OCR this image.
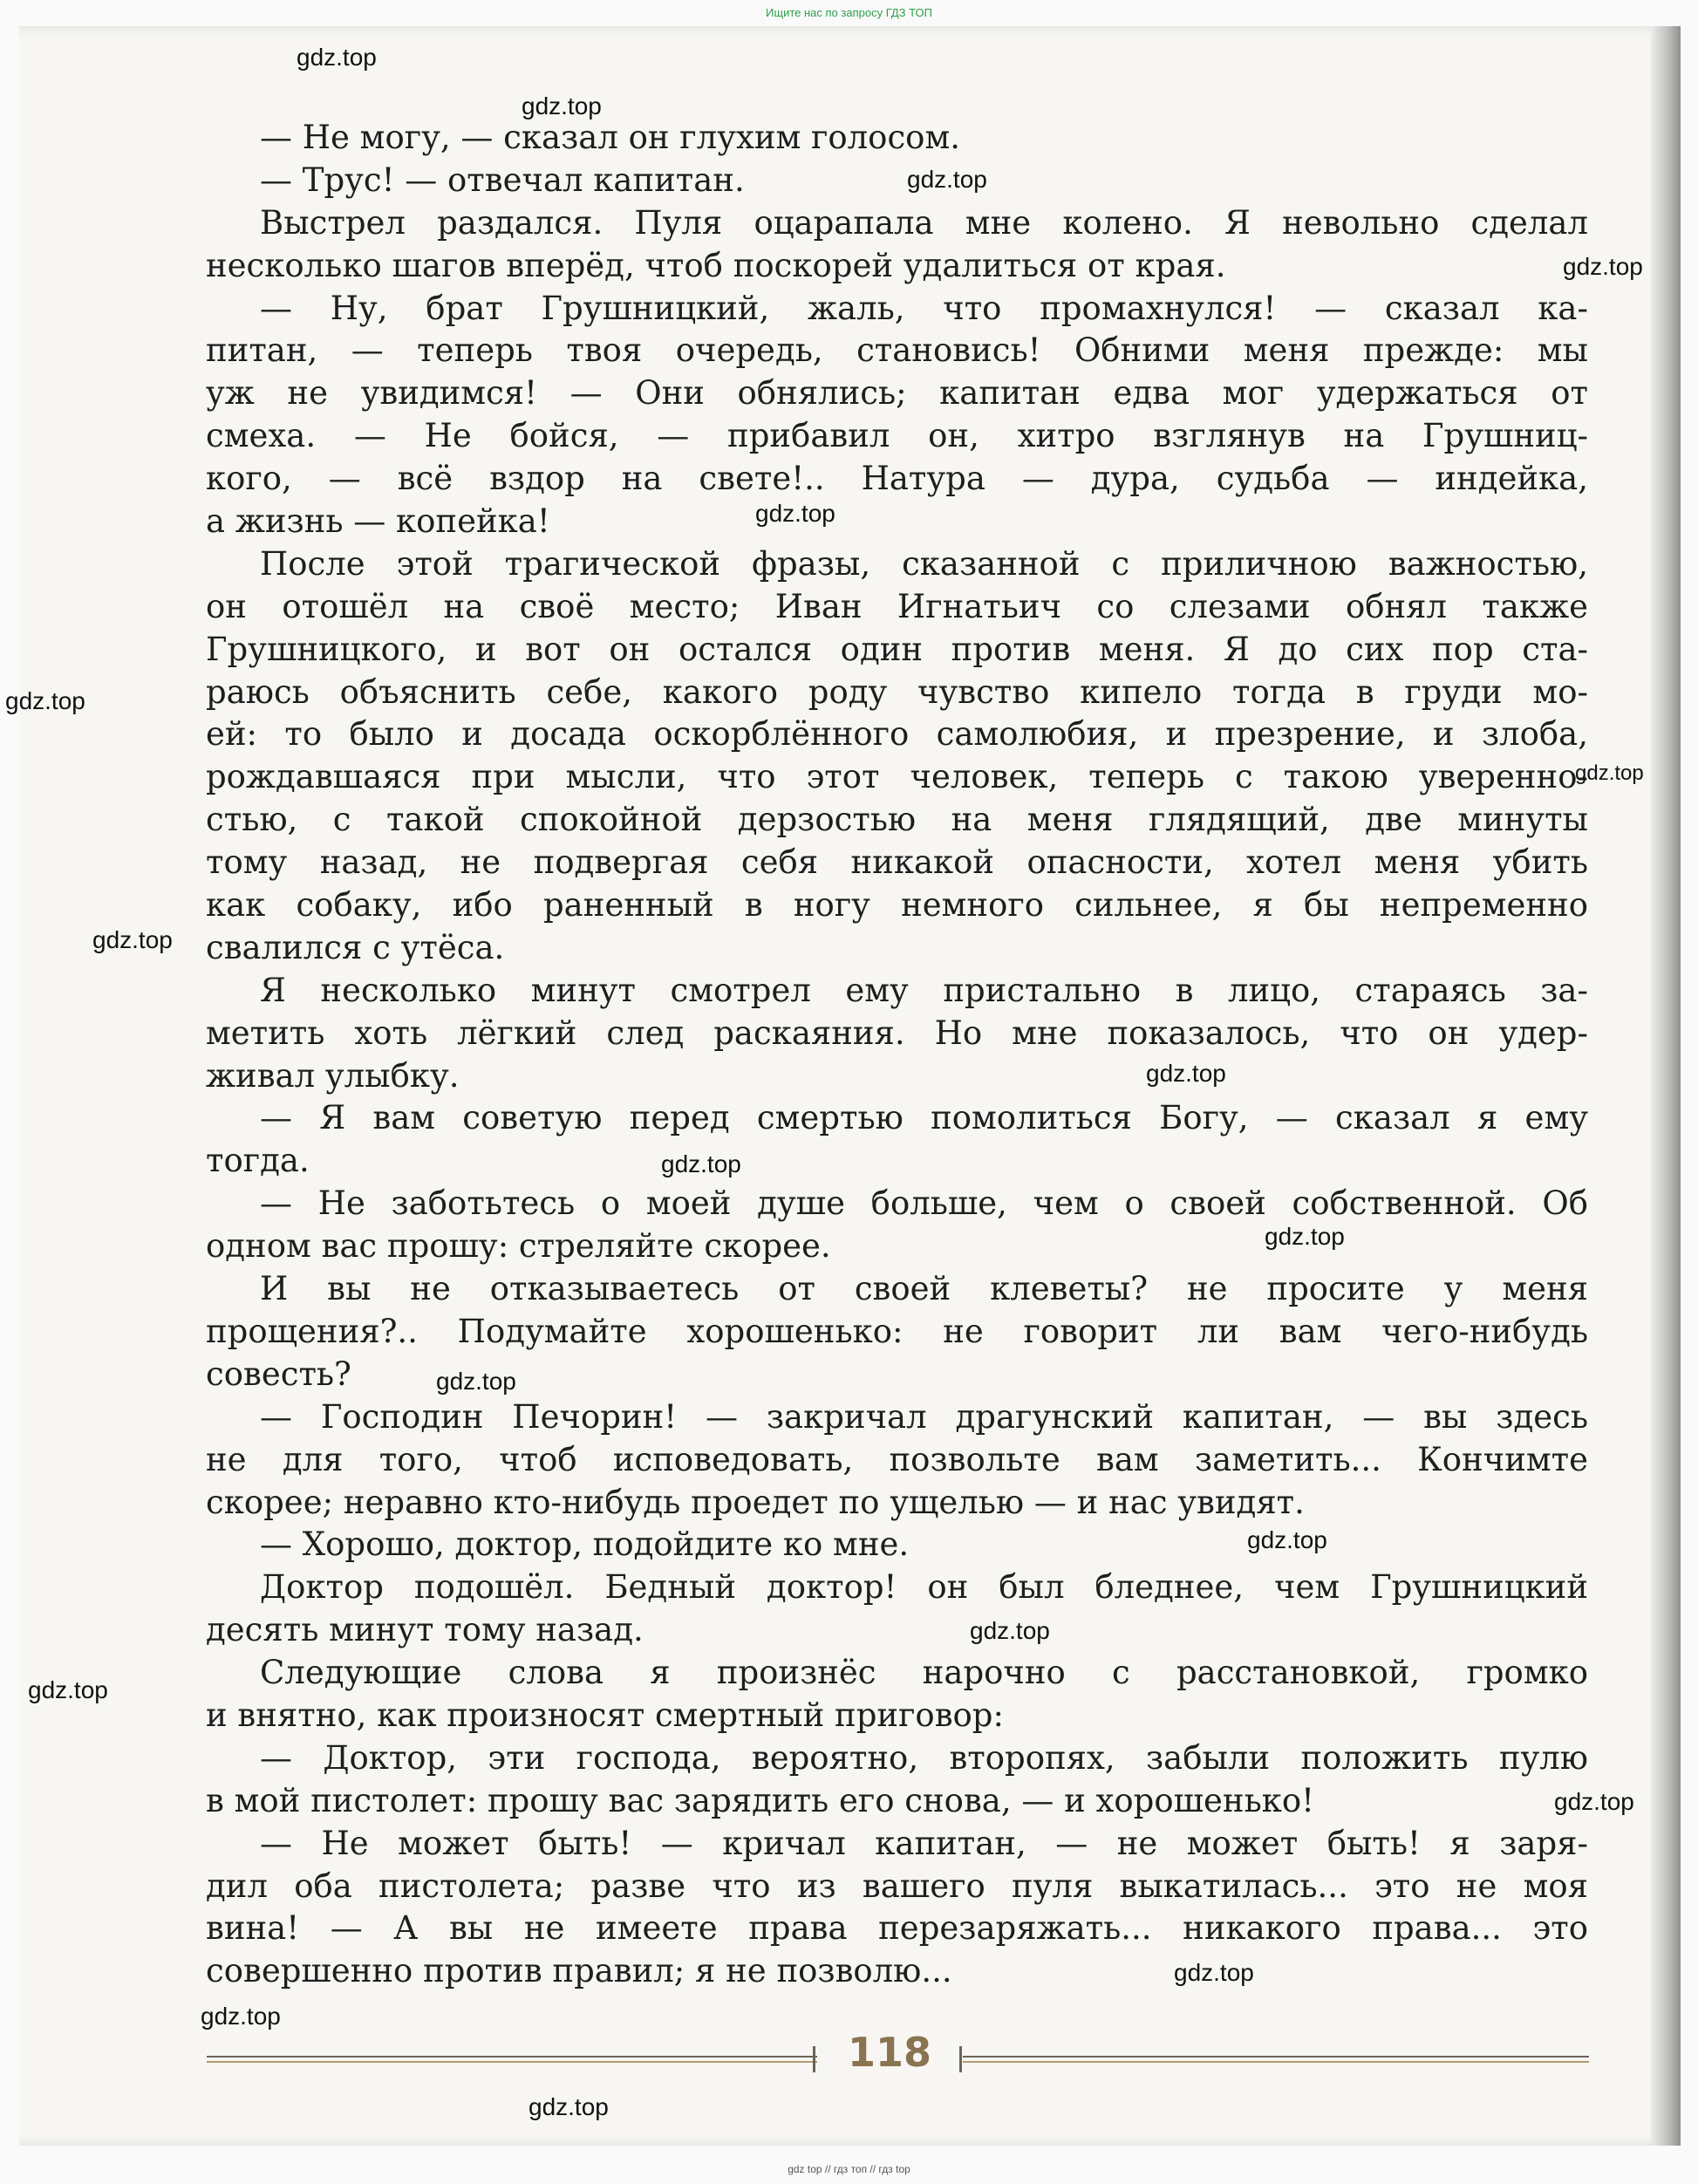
Ищите нас по запросу ГДЗ ТОП
— Не могу, — сказал он глухим голосом.
— Трус! — отвечал капитан.
Выстрел раздался. Пуля оцарапала мне колено. Я невольно сделал
несколько шагов вперёд, чтоб поскорей удалиться от края.
— Ну, брат Грушницкий, жаль, что промахнулся! — сказал ка-
питан, — теперь твоя очередь, становись! Обними меня прежде: мы
уж не увидимся! — Они обнялись; капитан едва мог удержаться от
смеха. — Не бойся, — прибавил он, хитро взглянув на Грушниц-
кого, — всё вздор на свете!.. Натура — дура, судьба — индейка,
а жизнь — копейка!
После этой трагической фразы, сказанной с приличною важностью,
он отошёл на своё место; Иван Игнатьич со слезами обнял также
Грушницкого, и вот он остался один против меня. Я до сих пор ста-
раюсь объяснить себе, какого роду чувство кипело тогда в груди мо-
ей: то было и досада оскорблённого самолюбия, и презрение, и злоба,
рождавшаяся при мысли, что этот человек, теперь с такою уверенно-
стью, с такой спокойной дерзостью на меня глядящий, две минуты
тому назад, не подвергая себя никакой опасности, хотел меня убить
как собаку, ибо раненный в ногу немного сильнее, я бы непременно
свалился с утёса.
Я несколько минут смотрел ему пристально в лицо, стараясь за-
метить хоть лёгкий след раскаяния. Но мне показалось, что он удер-
живал улыбку.
— Я вам советую перед смертью помолиться Богу, — сказал я ему
тогда.
— Не заботьтесь о моей душе больше, чем о своей собственной. Об
одном вас прошу: стреляйте скорее.
И вы не отказываетесь от своей клеветы? не просите у меня
прощения?.. Подумайте хорошенько: не говорит ли вам чего-нибудь
совесть?
— Господин Печорин! — закричал драгунский капитан, — вы здесь
не для того, чтоб исповедовать, позвольте вам заметить... Кончимте
скорее; неравно кто-нибудь проедет по ущелью — и нас увидят.
— Хорошо, доктор, подойдите ко мне.
Доктор подошёл. Бедный доктор! он был бледнее, чем Грушницкий
десять минут тому назад.
Следующие слова я произнёс нарочно с расстановкой, громко
и внятно, как произносят смертный приговор:
— Доктор, эти господа, вероятно, второпях, забыли положить пулю
в мой пистолет: прошу вас зарядить его снова, — и хорошенько!
— Не может быть! — кричал капитан, — не может быть! я заря-
дил оба пистолета; разве что из вашего пуля выкатилась... это не моя
вина! — А вы не имеете права перезаряжать... никакого права... это
совершенно против правил; я не позволю...
118
gdz.top
gdz.top
gdz.top
gdz.top
gdz.top
gdz.top
gdz.top
gdz.top
gdz.top
gdz.top
gdz.top
gdz.top
gdz.top
gdz.top
gdz.top
gdz.top
gdz.top
gdz.top
gdz.top
gdz top // гдз топ // гдз top
